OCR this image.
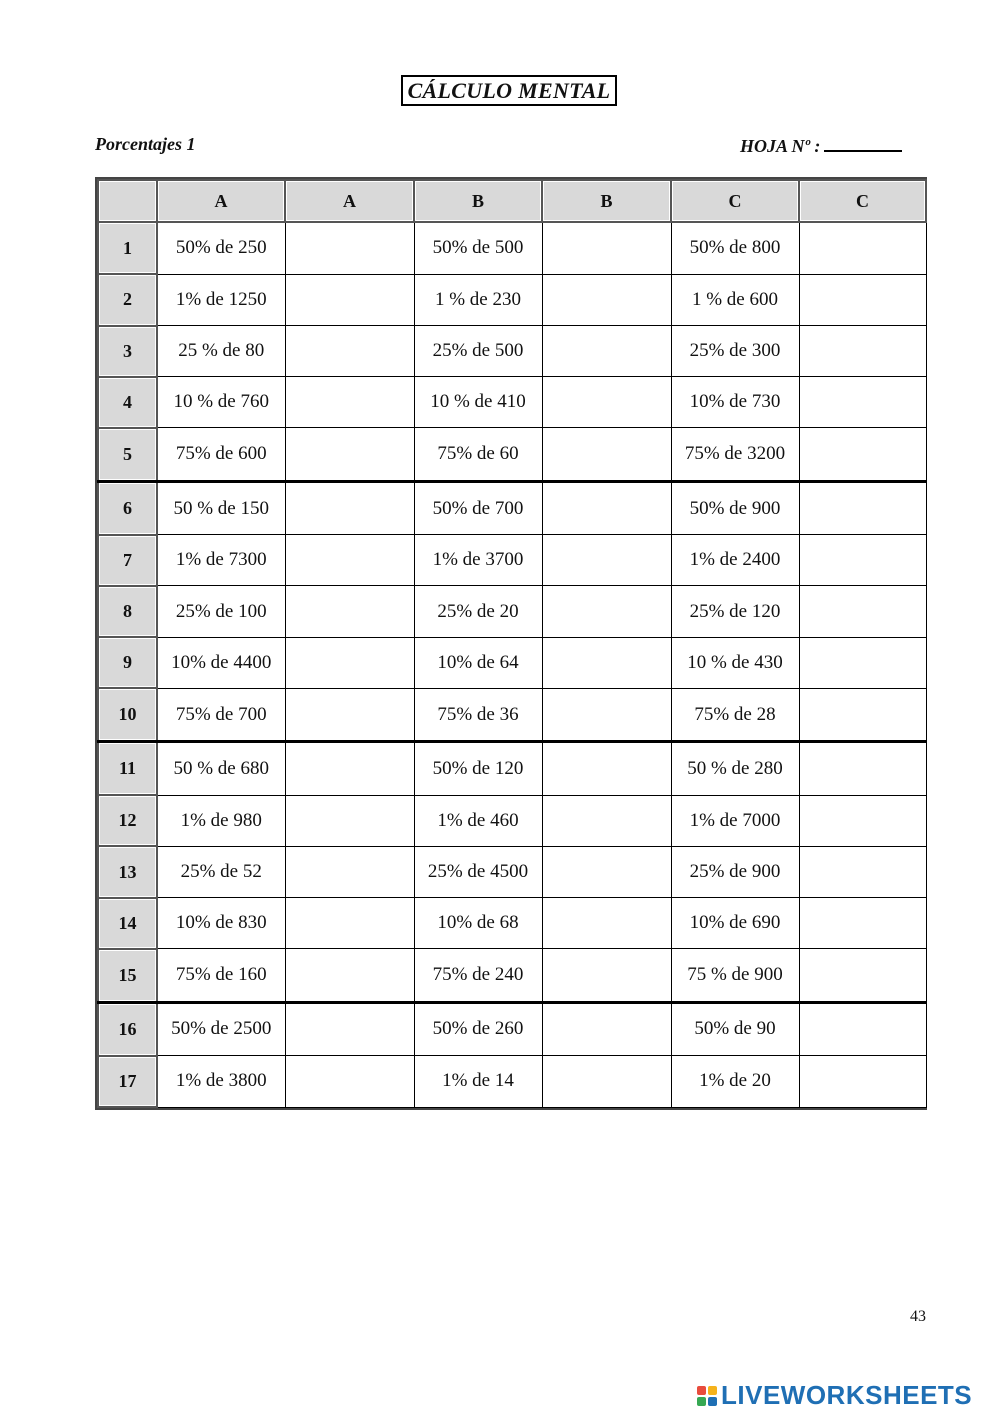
CÁLCULO MENTAL
Porcentajes 1	HOJA Nº :
	A	A	B	B	C	C
1	50% de 250		50% de 500		50% de 800	
2	1% de 1250		1 % de 230		1 % de 600	
3	25 % de 80		25% de 500		25% de 300	
4	10 % de 760		10 % de 410		10% de 730	
5	75% de 600		75% de 60		75% de 3200	
6	50 % de 150		50% de 700		50% de 900	
7	1% de 7300		1% de 3700		1% de 2400	
8	25% de 100		25% de 20		25% de 120	
9	10% de 4400		10% de 64		10 % de 430	
10	75% de 700		75% de 36		75% de 28	
11	50 % de 680		50% de 120		50 % de 280	
12	1% de 980		1% de 460		1% de 7000	
13	25% de 52		25% de 4500		25% de 900	
14	10% de 830		10% de 68		10% de 690	
15	75% de 160		75% de 240		75 % de 900	
16	50% de 2500		50% de 260		50% de 90	
17	1% de 3800		1% de 14		1% de 20	
43
LIVEWORKSHEETS
